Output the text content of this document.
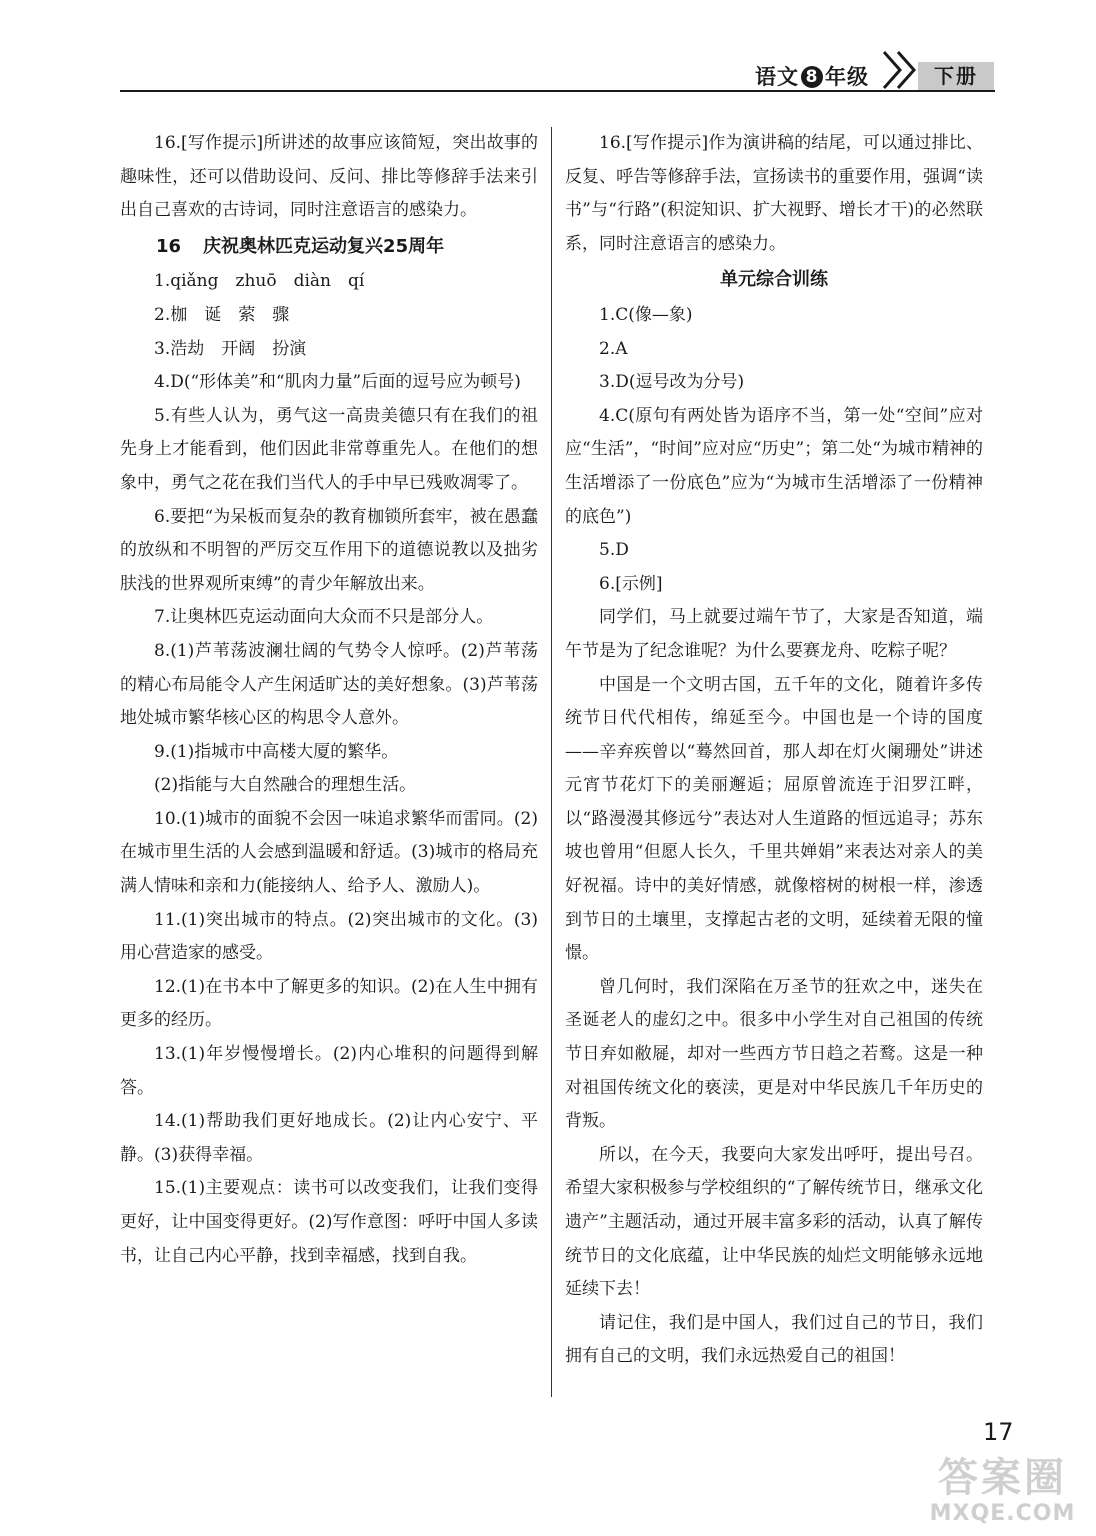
语文 8 年级	下册

16.[写作提示]所讲述的故事应该简短，突出故事的趣味性，还可以借助设问、反问、排比等修辞手法来引出自己喜欢的古诗词，同时注意语言的感染力。

16 庆祝奥林匹克运动复兴25周年

1.qiǎng　zhuō　diàn　qí

2.枷　诞　萦　骤

3.浩劫　开阔　扮演

4.D(“形体美”和“肌肉力量”后面的逗号应为顿号)

5.有些人认为，勇气这一高贵美德只有在我们的祖先身上才能看到，他们因此非常尊重先人。在他们的想象中，勇气之花在我们当代人的手中早已残败凋零了。

6.要把“为呆板而复杂的教育枷锁所套牢，被在愚蠢的放纵和不明智的严厉交互作用下的道德说教以及拙劣肤浅的世界观所束缚”的青少年解放出来。

7.让奥林匹克运动面向大众而不只是部分人。

8.(1)芦苇荡波澜壮阔的气势令人惊呼。(2)芦苇荡的精心布局能令人产生闲适旷达的美好想象。(3)芦苇荡地处城市繁华核心区的构思令人意外。

9.(1)指城市中高楼大厦的繁华。

(2)指能与大自然融合的理想生活。

10.(1)城市的面貌不会因一味追求繁华而雷同。(2)在城市里生活的人会感到温暖和舒适。(3)城市的格局充满人情味和亲和力(能接纳人、给予人、激励人)。

11.(1)突出城市的特点。(2)突出城市的文化。(3)用心营造家的感受。

12.(1)在书本中了解更多的知识。(2)在人生中拥有更多的经历。

13.(1)年岁慢慢增长。(2)内心堆积的问题得到解答。

14.(1)帮助我们更好地成长。(2)让内心安宁、平静。(3)获得幸福。

15.(1)主要观点：读书可以改变我们，让我们变得更好，让中国变得更好。(2)写作意图：呼吁中国人多读书，让自己内心平静，找到幸福感，找到自我。

16.[写作提示]作为演讲稿的结尾，可以通过排比、反复、呼告等修辞手法，宣扬读书的重要作用，强调“读书”与“行路”(积淀知识、扩大视野、增长才干)的必然联系，同时注意语言的感染力。

单元综合训练

1.C(像—象)

2.A

3.D(逗号改为分号)

4.C(原句有两处皆为语序不当，第一处“空间”应对应“生活”，“时间”应对应“历史”；第二处“为城市精神的生活增添了一份底色”应为“为城市生活增添了一份精神的底色”)

5.D

6.[示例]

同学们，马上就要过端午节了，大家是否知道，端午节是为了纪念谁呢？为什么要赛龙舟、吃粽子呢？

中国是一个文明古国，五千年的文化，随着许多传统节日代代相传，绵延至今。中国也是一个诗的国度——辛弃疾曾以“蓦然回首，那人却在灯火阑珊处”讲述元宵节花灯下的美丽邂逅；屈原曾流连于汨罗江畔，以“路漫漫其修远兮”表达对人生道路的恒远追寻；苏东坡也曾用“但愿人长久，千里共婵娟”来表达对亲人的美好祝福。诗中的美好情感，就像榕树的树根一样，渗透到节日的土壤里，支撑起古老的文明，延续着无限的憧憬。

曾几何时，我们深陷在万圣节的狂欢之中，迷失在圣诞老人的虚幻之中。很多中小学生对自己祖国的传统节日弃如敝屣，却对一些西方节日趋之若鹜。这是一种对祖国传统文化的亵渎，更是对中华民族几千年历史的背叛。

所以，在今天，我要向大家发出呼吁，提出号召。希望大家积极参与学校组织的“了解传统节日，继承文化遗产”主题活动，通过开展丰富多彩的活动，认真了解传统节日的文化底蕴，让中华民族的灿烂文明能够永远地延续下去！

请记住，我们是中国人，我们过自己的节日，我们拥有自己的文明，我们永远热爱自己的祖国！

17
答案圈
MXQE.COM
